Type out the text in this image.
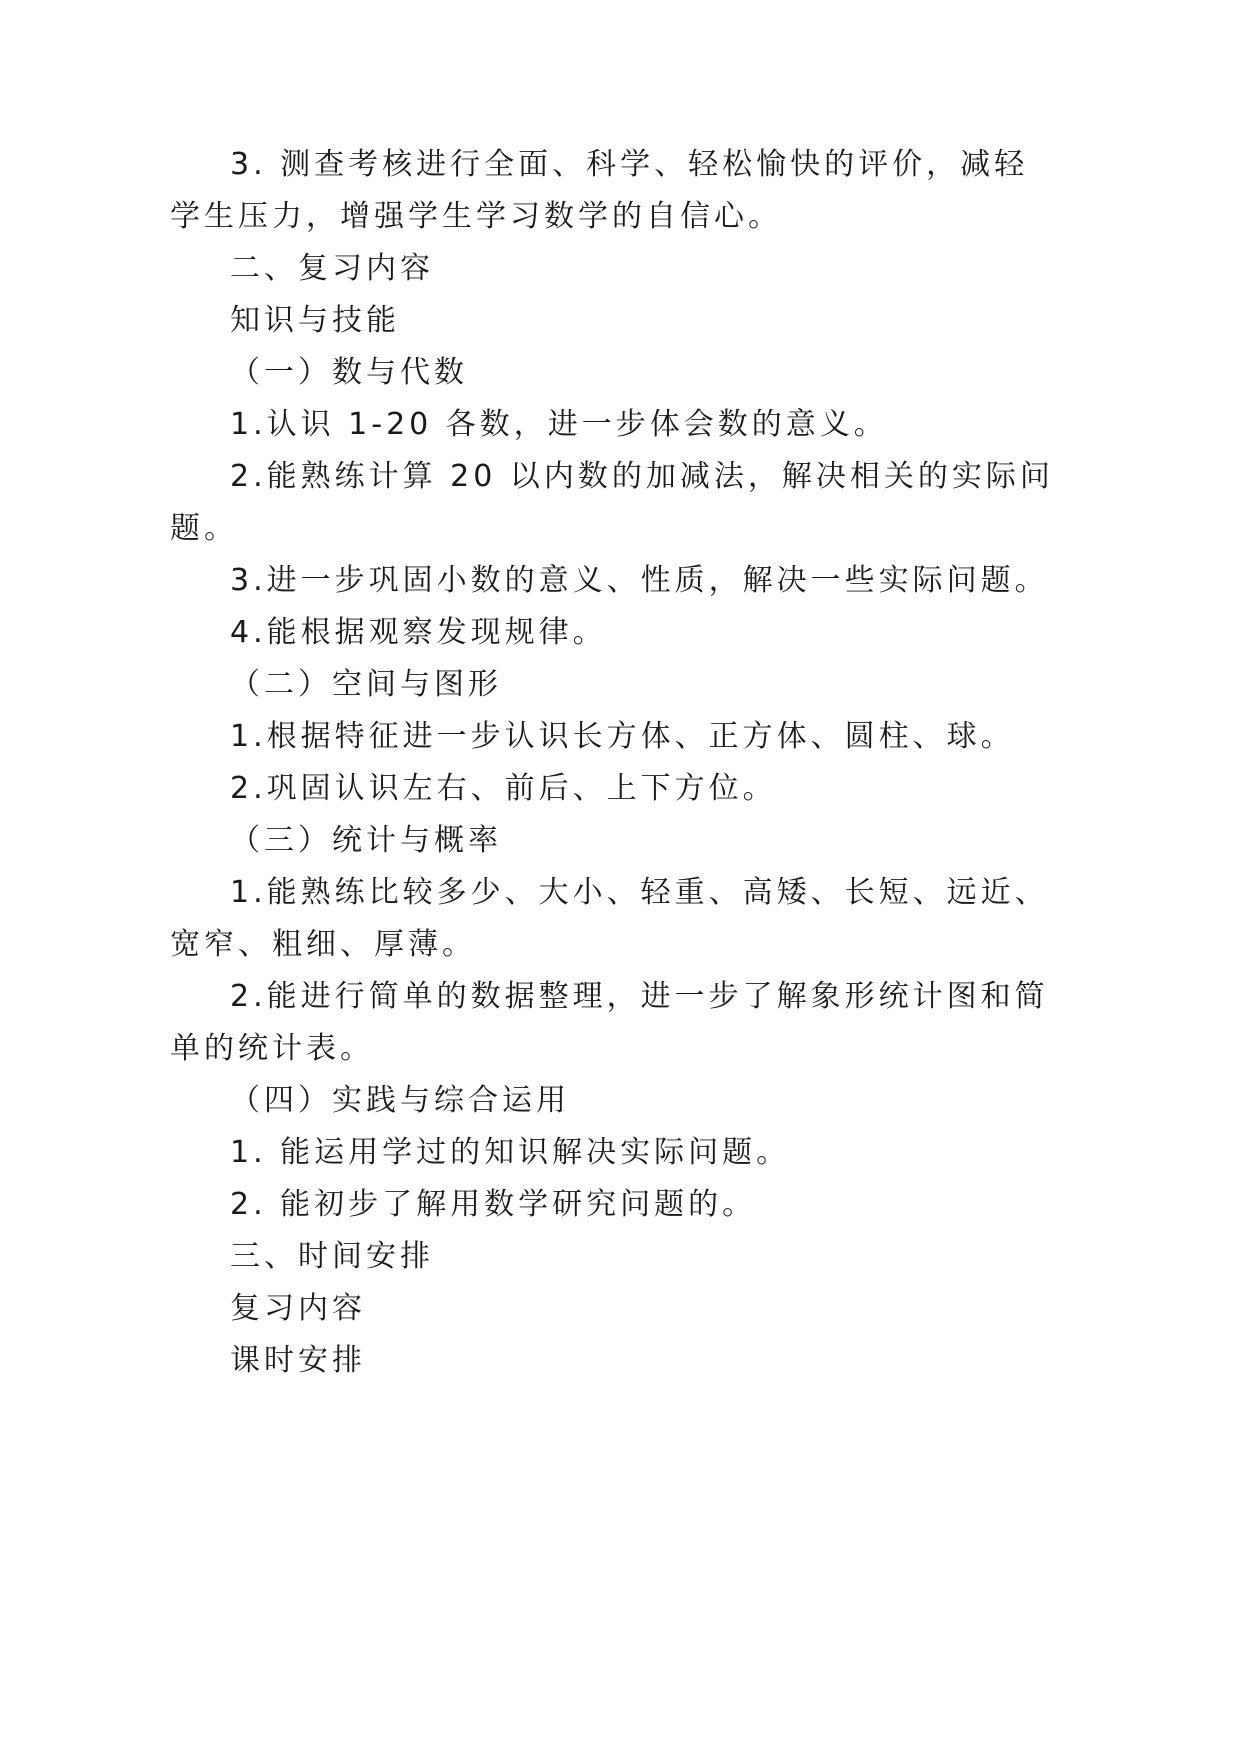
3. 测查考核进行全面、科学、轻松愉快的评价，减轻

学生压力，增强学生学习数学的自信心。

二、复习内容

知识与技能

（一）数与代数

1.认识 1-20 各数，进一步体会数的意义。

2.能熟练计算 20 以内数的加减法，解决相关的实际问

题。

3.进一步巩固小数的意义、性质，解决一些实际问题。

4.能根据观察发现规律。

（二）空间与图形

1.根据特征进一步认识长方体、正方体、圆柱、球。

2.巩固认识左右、前后、上下方位。

（三）统计与概率

1.能熟练比较多少、大小、轻重、高矮、长短、远近、

宽窄、粗细、厚薄。

2.能进行简单的数据整理，进一步了解象形统计图和简

单的统计表。

（四）实践与综合运用

1. 能运用学过的知识解决实际问题。

2. 能初步了解用数学研究问题的。

三、时间安排

复习内容

课时安排
